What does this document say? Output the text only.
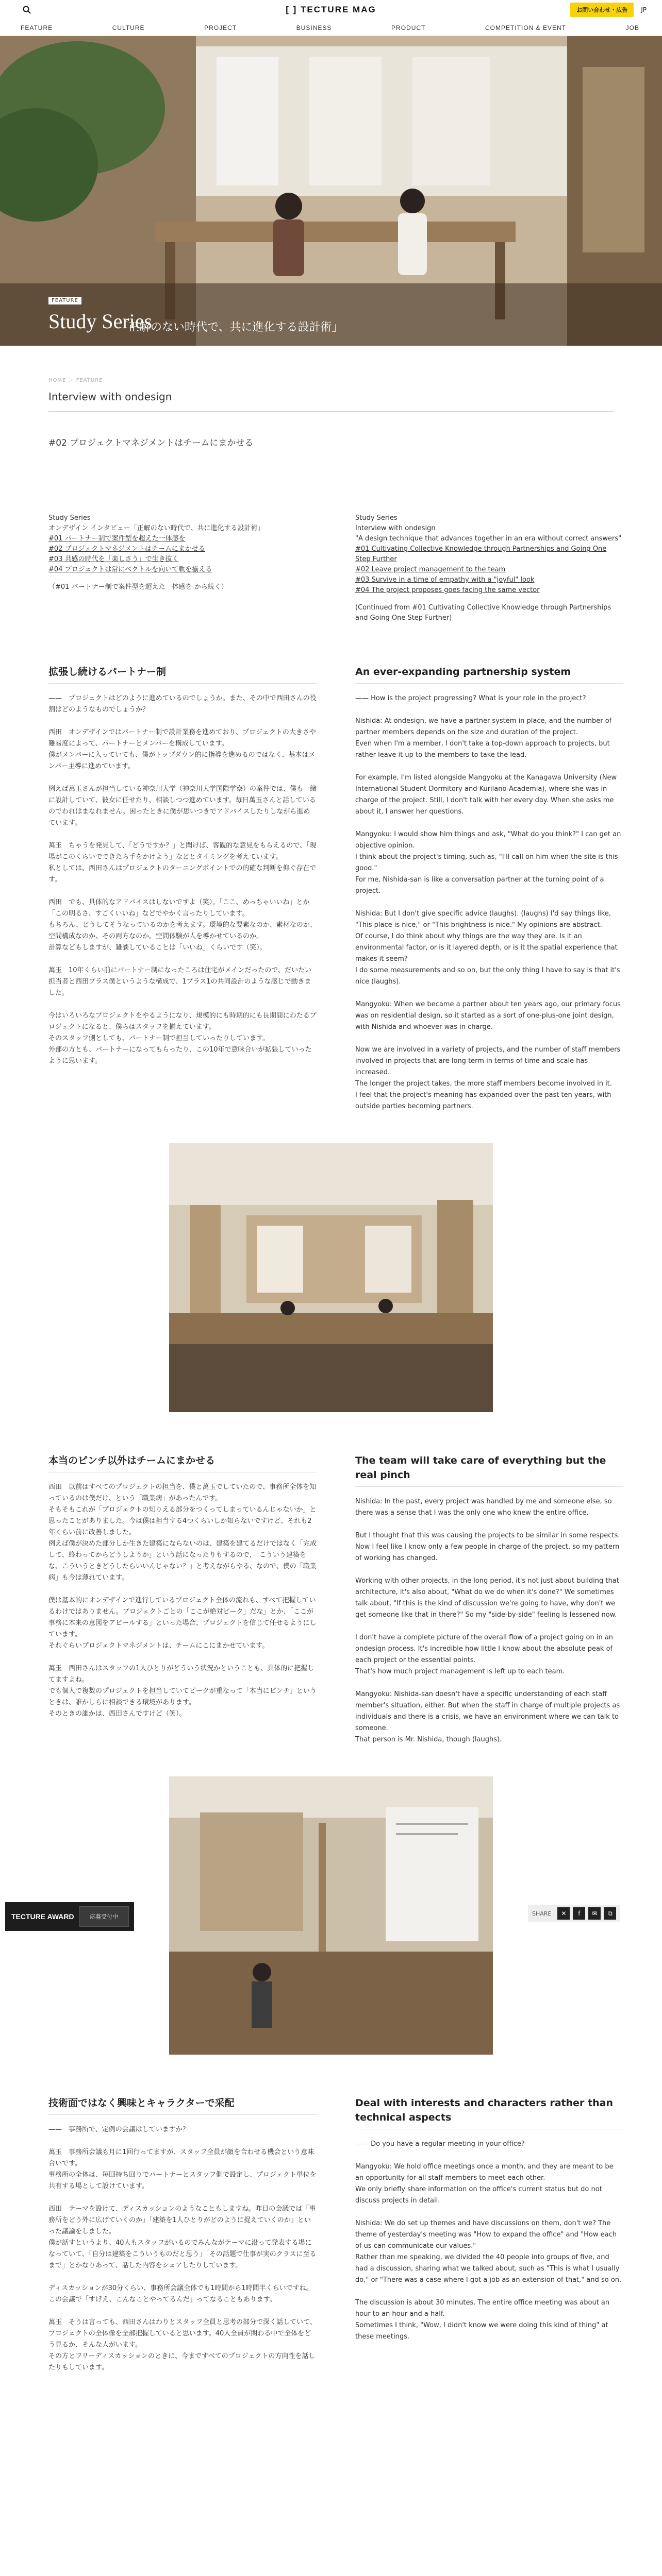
[ ] TECTURE MAG	お問い合わせ・広告	JP
FEATURE	CULTURE	PROJECT	BUSINESS	PRODUCT	COMPETITION & EVENT	JOB
FEATURE
Study Series
「正解のない時代で、共に進化する設計術」
HOME ＞ FEATURE
Interview with ondesign
#02 プロジェクトマネジメントはチームにまかせる

Study Series

オンデザイン インタビュー「正解のない時代で、共に進化する設計術」

#01 パートナー制で案件型を超えた一体感を

#02 プロジェクトマネジメントはチームにまかせる

#03 共感の時代を「楽しさう」で生き抜く

#04 プロジェクトは常にベクトルを向いて軌を揃える

（#01 パートナー制で案件型を超えた一体感を から続く）

Study Series

Interview with ondesign

"A design technique that advances together in an era without correct answers"

#01 Cultivating Collective Knowledge through Partnerships and Going One Step Further

#02 Leave project management to the team

#03 Survive in a time of empathy with a "joyful" look

#04 The project proposes goes facing the same vector

(Continued from #01 Cultivating Collective Knowledge through Partnerships and Going One Step Further)

拡張し続けるパートナー制

——　プロジェクトはどのように進めているのでしょうか。また、その中で西田さんの役割はどのようなものでしょうか？

西田　オンデザインではパートナー制で設計業務を進めており、プロジェクトの大きさや難易度によって、パートナーとメンバーを構成しています。

僕がメンバーに入っていても、僕がトップダウン的に指導を進めるのではなく、基本はメンバー主導に進めています。

例えば萬玉さんが担当している神奈川大学（神奈川大学国際学寮）の案件では、僕も一緒に設計していて、彼女に任せたり、相談しつつ進めています。毎日萬玉さんと話しているのでわれはまなれません。困ったときに僕が思いつきでアドバイスしたりしながら進めています。

萬玉　ちゃうを発見して、「どうですか？」と聞けば、客観的な意見をもらえるので、「現場がこのくらいでできたら手をかけよう」などとタイミングを考えています。

私としては、西田さんはプロジェクトのターニングポイントでの的確な判断を仰ぐ存在です。

西田　でも、具体的なアドバイスはしないですよ（笑）。「ここ、めっちゃいいね」とか「この明るさ、すごくいいね」などでやかく言ったりしています。

もちろん、どうしてそうなっているのかを考えます。環境的な要素なのか、素材なのか、空間構成なのか、その両方なのか。空間体験が人を導かせているのか。

計算などもしますが、雑談していることは「いいね」くらいです（笑）。

萬玉　10年くらい前にパートナー制になったころは住宅がメインだったので、だいたい担当者と西田プラス僕というような構成で、1プラス1の共同設計のような感じで動きました。

今はいろいろなプロジェクトをやるようになり、規模的にも時期的にも長期間にわたるプロジェクトになると、僕らはスタッフを揃えています。

そのスタッフ側としても、パートナー制で担当していったりしています。

外部の方とも、パートナーになってもらったり、この10年で意味合いが拡張していったように思います。

An ever-expanding partnership system

—— How is the project progressing? What is your role in the project?

Nishida: At ondesign, we have a partner system in place, and the number of partner members depends on the size and duration of the project.

Even when I'm a member, I don't take a top-down approach to projects, but rather leave it up to the members to take the lead.

For example, I'm listed alongside Mangyoku at the Kanagawa University (New International Student Dormitory and Kurilano-Academia), where she was in charge of the project. Still, I don't talk with her every day. When she asks me about it, I answer her questions.

Mangyoku: I would show him things and ask, "What do you think?" I can get an objective opinion.

I think about the project's timing, such as, "I'll call on him when the site is this good."

For me, Nishida-san is like a conversation partner at the turning point of a project.

Nishida: But I don't give specific advice (laughs). (laughs) I'd say things like, "This place is nice," or "This brightness is nice." My opinions are abstract.

Of course, I do think about why things are the way they are. Is it an environmental factor, or is it layered depth, or is it the spatial experience that makes it seem?

I do some measurements and so on, but the only thing I have to say is that it's nice (laughs).

Mangyoku: When we became a partner about ten years ago, our primary focus was on residential design, so it started as a sort of one-plus-one joint design, with Nishida and whoever was in charge.

Now we are involved in a variety of projects, and the number of staff members involved in projects that are long term in terms of time and scale has increased.

The longer the project takes, the more staff members become involved in it.

I feel that the project's meaning has expanded over the past ten years, with outside parties becoming partners.

本当のピンチ以外はチームにまかせる

西田　以前はすべてのプロジェクトの担当を、僕と萬玉でしていたので、事務所全体を知っているのは僕だけ、という「職業病」があったんです。

そもそもこれが「プロジェクトの知りえる部分をつくってしまっているんじゃないか」と思ったことがありました。今は僕は担当する4つくらいしか知らないですけど、それも2年くらい前に改善しました。

例えば僕が決めた部分しか生きた建築にならないのは、建築を建てるだけではなく「完成して、終わってからどうしようか」という話になったりもするので、「こういう建築をな、こういうときどうしたらいいんじゃない？」と考えながらやる、なので、僕の「職業病」も今は薄れています。

僕は基本的にオンデザインで進行しているプロジェクト全体の流れも、すべて把握しているわけではありません。プロジェクトごとの「ここが絶対ピーク」だな」とか、「ここが事務に本来の意図をアピールする」といった場合、プロジェクトを信じて任せるようにしています。

それぐらいプロジェクトマネジメントは、チームにこにまかせています。

萬玉　西田さんはスタッフの1人ひとりがどういう状況かということも、具体的に把握してますよね。

でも個人で複数のプロジェクトを担当していてピークが重なって「本当にピンチ」というときは、誰かしらに相談できる環境があります。

そのときの誰かは、西田さんですけど（笑）。

The team will take care of everything but the real pinch

Nishida: In the past, every project was handled by me and someone else, so there was a sense that I was the only one who knew the entire office.

But I thought that this was causing the projects to be similar in some respects. Now I feel like I know only a few people in charge of the project, so my pattern of working has changed.

Working with other projects, in the long period, it's not just about building that architecture, it's also about, "What do we do when it's done?" We sometimes talk about, "If this is the kind of discussion we're going to have, why don't we get someone like that in there?" So my "side-by-side" feeling is lessened now.

I don't have a complete picture of the overall flow of a project going on in an ondesign process. It's incredible how little I know about the absolute peak of each project or the essential points.

That's how much project management is left up to each team.

Mangyoku: Nishida-san doesn't have a specific understanding of each staff member's situation, either. But when the staff in charge of multiple projects as individuals and there is a crisis, we have an environment where we can talk to someone.

That person is Mr. Nishida, though (laughs).

技術面ではなく興味とキャラクターで采配

——　事務所で、定例の会議はしていますか？

萬玉　事務所会議も月に1回行ってますが、スタッフ全員が顔を合わせる機会という意味合いです。

事務所の全体は、毎回持ち回りでパートナーとスタッフ側で設定し、プロジェクト単位を共有する場として設けています。

西田　テーマを設けて、ディスカッションのようなこともしますね。昨日の会議では「事務所をどう外に広げていくのか」「建築を1人ひとりがどのように捉えていくのか」といった議論をしました。

僕が話すというより、40人もスタッフがいるのでみんながテーマに沿って発表する場になっていて、「自分は建築をこういうものだと思う」「その話題で仕事が実のクラスに至るまで」とかなりあって、話した内容をシェアしたりしています。

ディスカッションが30分くらい、事務所会議全体でも1時間から1時間半くらいですね。

この会議で「すげえ、こんなことやってるんだ」ってなることもあります。

萬玉　そうは言っても、西田さんはわりとスタッフ全員と思考の部分で深く話していて、プロジェクトの全体像を全部把握していると思います。40人全員が関わる中で全体をどう見るか、そんな人がいます。

その方とフリーディスカッションのときに、今まですべてのプロジェクトの方向性を話したりもしています。

Deal with interests and characters rather than technical aspects

—— Do you have a regular meeting in your office?

Mangyoku: We hold office meetings once a month, and they are meant to be an opportunity for all staff members to meet each other.

We only briefly share information on the office's current status but do not discuss projects in detail.

Nishida: We do set up themes and have discussions on them, don't we? The theme of yesterday's meeting was "How to expand the office" and "How each of us can communicate our values."

Rather than me speaking, we divided the 40 people into groups of five, and had a discussion, sharing what we talked about, such as "This is what I usually do," or "There was a case where I got a job as an extension of that," and so on.

The discussion is about 30 minutes. The entire office meeting was about an hour to an hour and a half.

Sometimes I think, "Wow, I didn't know we were doing this kind of thing" at these meetings.

TECTURE AWARD	応募受付中	SHARE	✕	f	✉	⧉
